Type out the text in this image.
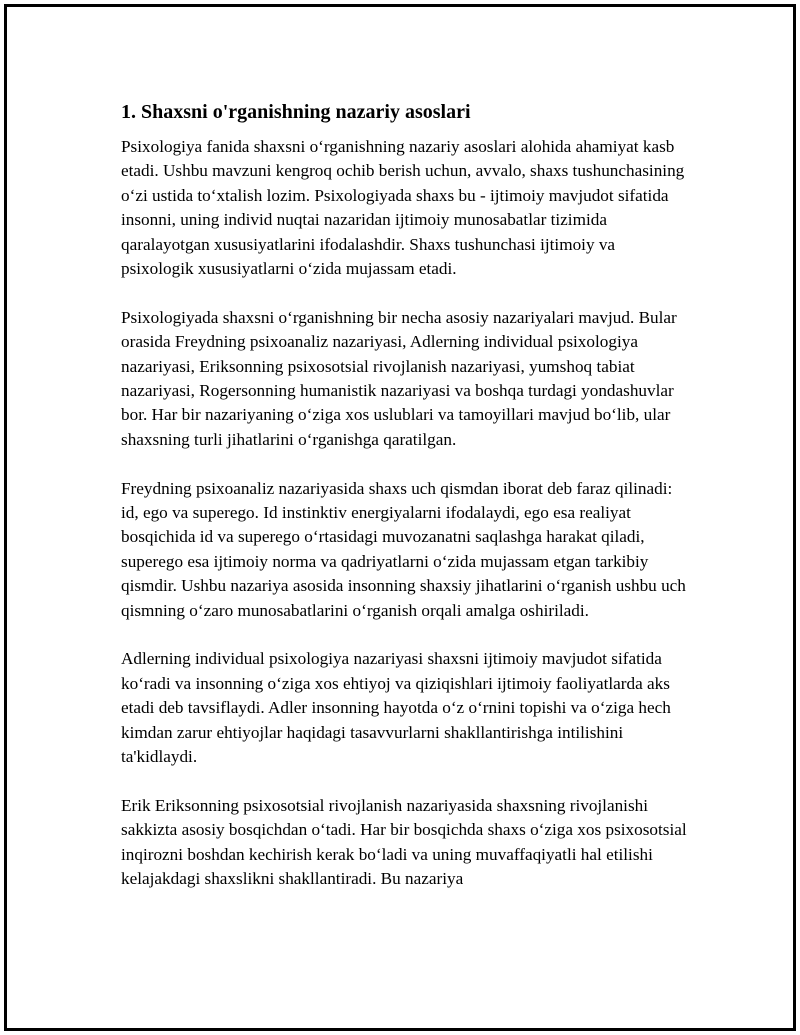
1. Shaxsni o'rganishning nazariy asoslari

Psixologiya fanida shaxsni o‘rganishning nazariy asoslari alohida ahamiyat kasb etadi. Ushbu mavzuni kengroq ochib berish uchun, avvalo, shaxs tushunchasining o‘zi ustida to‘xtalish lozim. Psixologiyada shaxs bu - ijtimoiy mavjudot sifatida insonni, uning individ nuqtai nazaridan ijtimoiy munosabatlar tizimida qaralayotgan xususiyatlarini ifodalashdir. Shaxs tushunchasi ijtimoiy va psixologik xususiyatlarni o‘zida mujassam etadi.

Psixologiyada shaxsni o‘rganishning bir necha asosiy nazariyalari mavjud. Bular orasida Freydning psixoanaliz nazariyasi, Adlerning individual psixologiya nazariyasi, Eriksonning psixosotsial rivojlanish nazariyasi, yumshoq tabiat nazariyasi, Rogersonning humanistik nazariyasi va boshqa turdagi yondashuvlar bor. Har bir nazariyaning o‘ziga xos uslublari va tamoyillari mavjud bo‘lib, ular shaxsning turli jihatlarini o‘rganishga qaratilgan.

Freydning psixoanaliz nazariyasida shaxs uch qismdan iborat deb faraz qilinadi: id, ego va superego. Id instinktiv energiyalarni ifodalaydi, ego esa realiyat bosqichida id va superego o‘rtasidagi muvozanatni saqlashga harakat qiladi, superego esa ijtimoiy norma va qadriyatlarni o‘zida mujassam etgan tarkibiy qismdir. Ushbu nazariya asosida insonning shaxsiy jihatlarini o‘rganish ushbu uch qismning o‘zaro munosabatlarini o‘rganish orqali amalga oshiriladi.

Adlerning individual psixologiya nazariyasi shaxsni ijtimoiy mavjudot sifatida ko‘radi va insonning o‘ziga xos ehtiyoj va qiziqishlari ijtimoiy faoliyatlarda aks etadi deb tavsiflaydi. Adler insonning hayotda o‘z o‘rnini topishi va o‘ziga hech kimdan zarur ehtiyojlar haqidagi tasavvurlarni shakllantirishga intilishini ta'kidlaydi.

Erik Eriksonning psixosotsial rivojlanish nazariyasida shaxsning rivojlanishi sakkizta asosiy bosqichdan o‘tadi. Har bir bosqichda shaxs o‘ziga xos psixosotsial inqirozni boshdan kechirish kerak bo‘ladi va uning muvaffaqiyatli hal etilishi kelajakdagi shaxslikni shakllantiradi. Bu nazariya
